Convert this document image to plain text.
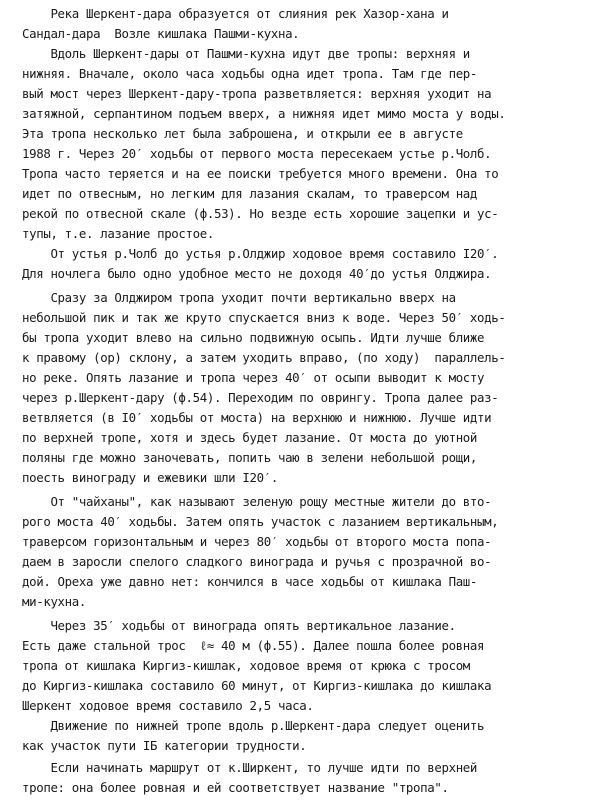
Река Шеркент-дара образуется от слияния рек Хазор-хана и
Сандал-дара  Возле кишлака Пашми-кухна.
Вдоль Шеркент-дары от Пашми-кухна идут две тропы: верхняя и
нижняя. Вначале, около часа ходьбы одна идет тропа. Там где пер-
вый мост через Шеркент-дару-тропа разветвляется: верхняя уходит на
затяжной, серпантином подъем вверх, а нижняя идет мимо моста у воды.
Эта тропа несколько лет была заброшена, и открыли ее в августе
1988 г. Через 20′ ходьбы от первого моста пересекаем устье р.Чолб.
Тропа часто теряется и на ее поиски требуется много времени. Она то
идет по отвесным, но легким для лазания скалам, то траверсом над
рекой по отвесной скале (ф.53). Но везде есть хорошие зацепки и ус-
тупы, т.е. лазание простое.
От устья р.Чолб до устья р.Олджир ходовое время составило I20′.
Для ночлега было одно удобное место не доходя 40′до устья Олджира.
Сразу за Олджиром тропа уходит почти вертикально вверх на
небольшой пик и так же круто спускается вниз к воде. Через 50′ ходь-
бы тропа уходит влево на сильно подвижную осыпь. Идти лучше ближе
к правому (ор) склону, а затем уходить вправо, (по ходу)  параллель-
но реке. Опять лазание и тропа через 40′ от осыпи выводит к мосту
через р.Шеркент-дару (ф.54). Переходим по оврингу. Тропа далее раз-
ветвляется (в I0′ ходьбы от моста) на верхнюю и нижнюю. Лучше идти
по верхней тропе, хотя и здесь будет лазание. От моста до уютной
поляны где можно заночевать, попить чаю в зелени небольшой рощи,
поесть винограду и ежевики шли I20′.
От "чайханы", как называют зеленую рощу местные жители до вто-
рого моста 40′ ходьбы. Затем опять участок с лазанием вертикальным,
траверсом горизонтальным и через 80′ ходьбы от второго моста попа-
даем в заросли спелого сладкого винограда и ручья с прозрачной во-
дой. Ореха уже давно нет: кончился в часе ходьбы от кишлака Паш-
ми-кухна.
Через 35′ ходьбы от винограда опять вертикальное лазание.
Есть даже стальной трос  ℓ≈ 40 м (ф.55). Далее пошла более ровная
тропа от кишлака Киргиз-кишлак, ходовое время от крюка с тросом
до Киргиз-кишлака составило 60 минут, от Киргиз-кишлака до кишлака
Шеркент ходовое время составило 2,5 часа.
Движение по нижней тропе вдоль р.Шеркент-дара следует оценить
как участок пути IБ категории трудности.
Если начинать маршрут от к.Ширкент, то лучше идти по верхней
тропе: она более ровная и ей соответствует название "тропа".
